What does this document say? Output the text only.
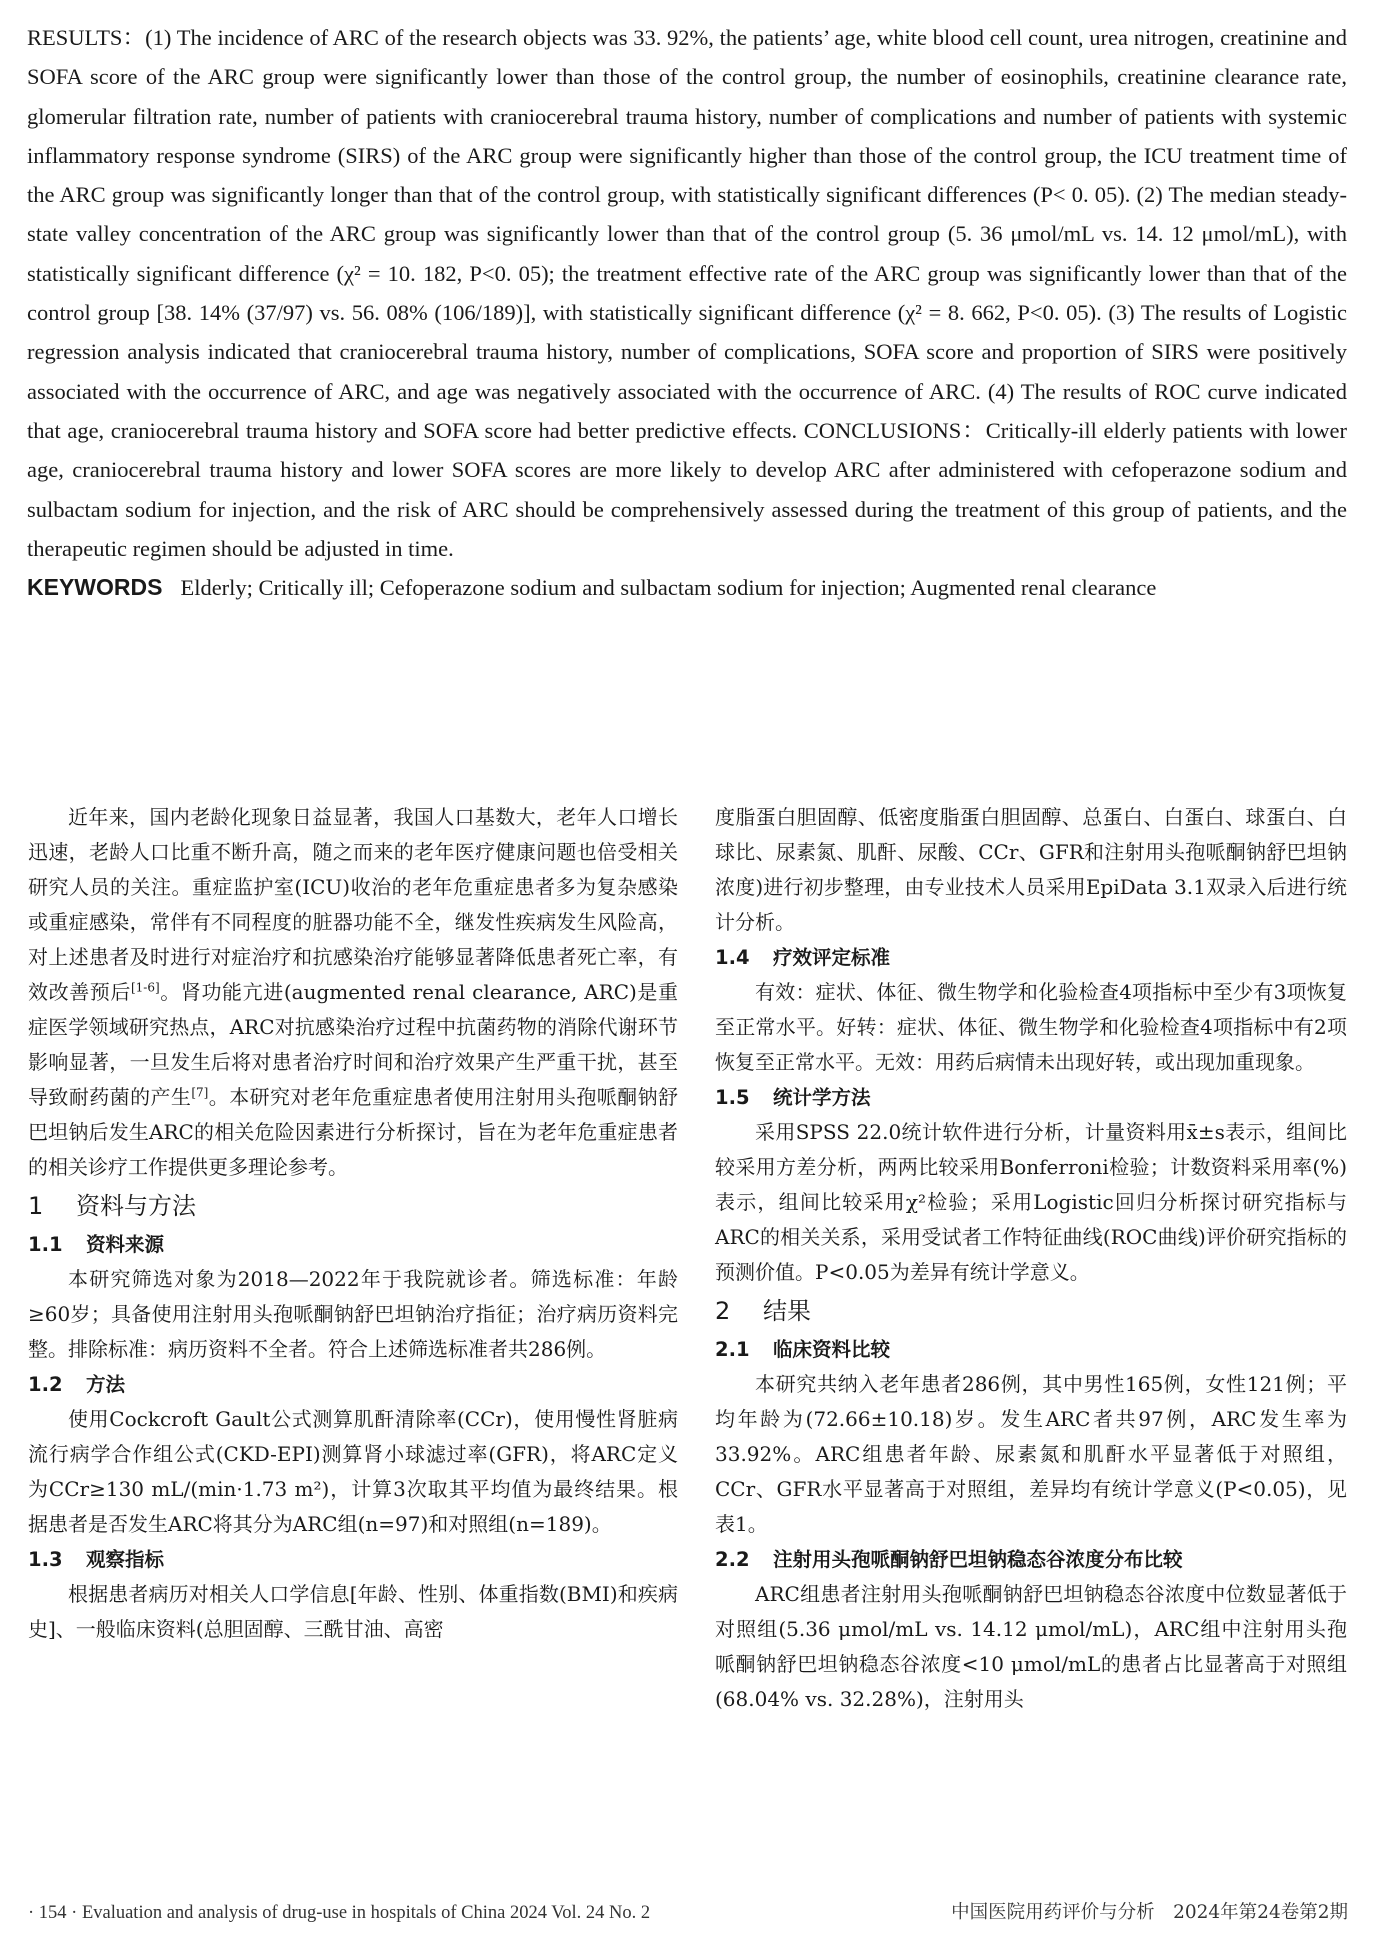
RESULTS：(1) The incidence of ARC of the research objects was 33. 92%, the patients’ age, white blood cell count, urea nitrogen, creatinine and SOFA score of the ARC group were significantly lower than those of the control group, the number of eosinophils, creatinine clearance rate, glomerular filtration rate, number of patients with craniocerebral trauma history, number of complications and number of patients with systemic inflammatory response syndrome (SIRS) of the ARC group were significantly higher than those of the control group, the ICU treatment time of the ARC group was significantly longer than that of the control group, with statistically significant differences (P< 0. 05). (2) The median steady-state valley concentration of the ARC group was significantly lower than that of the control group (5. 36 μmol/mL vs. 14. 12 μmol/mL), with statistically significant difference (χ² = 10. 182, P<0. 05); the treatment effective rate of the ARC group was significantly lower than that of the control group [38. 14% (37/97) vs. 56. 08% (106/189)], with statistically significant difference (χ² = 8. 662, P<0. 05). (3) The results of Logistic regression analysis indicated that craniocerebral trauma history, number of complications, SOFA score and proportion of SIRS were positively associated with the occurrence of ARC, and age was negatively associated with the occurrence of ARC. (4) The results of ROC curve indicated that age, craniocerebral trauma history and SOFA score had better predictive effects. CONCLUSIONS：Critically-ill elderly patients with lower age, craniocerebral trauma history and lower SOFA scores are more likely to develop ARC after administered with cefoperazone sodium and sulbactam sodium for injection, and the risk of ARC should be comprehensively assessed during the treatment of this group of patients, and the therapeutic regimen should be adjusted in time.
KEYWORDS Elderly; Critically ill; Cefoperazone sodium and sulbactam sodium for injection; Augmented renal clearance

近年来，国内老龄化现象日益显著，我国人口基数大，老年人口增长迅速，老龄人口比重不断升高，随之而来的老年医疗健康问题也倍受相关研究人员的关注。重症监护室(ICU)收治的老年危重症患者多为复杂感染或重症感染，常伴有不同程度的脏器功能不全，继发性疾病发生风险高，对上述患者及时进行对症治疗和抗感染治疗能够显著降低患者死亡率，有效改善预后[1-6]。肾功能亢进(augmented renal clearance, ARC)是重症医学领域研究热点，ARC对抗感染治疗过程中抗菌药物的消除代谢环节影响显著，一旦发生后将对患者治疗时间和治疗效果产生严重干扰，甚至导致耐药菌的产生[7]。本研究对老年危重症患者使用注射用头孢哌酮钠舒巴坦钠后发生ARC的相关危险因素进行分析探讨，旨在为老年危重症患者的相关诊疗工作提供更多理论参考。

1 资料与方法
1.1 资料来源

本研究筛选对象为2018—2022年于我院就诊者。筛选标准：年龄≥60岁；具备使用注射用头孢哌酮钠舒巴坦钠治疗指征；治疗病历资料完整。排除标准：病历资料不全者。符合上述筛选标准者共286例。

1.2 方法

使用Cockcroft Gault公式测算肌酐清除率(CCr)，使用慢性肾脏病流行病学合作组公式(CKD-EPI)测算肾小球滤过率(GFR)，将ARC定义为CCr≥130 mL/(min·1.73 m²)，计算3次取其平均值为最终结果。根据患者是否发生ARC将其分为ARC组(n=97)和对照组(n=189)。

1.3 观察指标

根据患者病历对相关人口学信息[年龄、性别、体重指数(BMI)和疾病史]、一般临床资料(总胆固醇、三酰甘油、高密

度脂蛋白胆固醇、低密度脂蛋白胆固醇、总蛋白、白蛋白、球蛋白、白球比、尿素氮、肌酐、尿酸、CCr、GFR和注射用头孢哌酮钠舒巴坦钠浓度)进行初步整理，由专业技术人员采用EpiData 3.1双录入后进行统计分析。

1.4 疗效评定标准

有效：症状、体征、微生物学和化验检查4项指标中至少有3项恢复至正常水平。好转：症状、体征、微生物学和化验检查4项指标中有2项恢复至正常水平。无效：用药后病情未出现好转，或出现加重现象。

1.5 统计学方法

采用SPSS 22.0统计软件进行分析，计量资料用x̄±s表示，组间比较采用方差分析，两两比较采用Bonferroni检验；计数资料采用率(%)表示，组间比较采用χ²检验；采用Logistic回归分析探讨研究指标与ARC的相关关系，采用受试者工作特征曲线(ROC曲线)评价研究指标的预测价值。P<0.05为差异有统计学意义。

2 结果
2.1 临床资料比较

本研究共纳入老年患者286例，其中男性165例，女性121例；平均年龄为(72.66±10.18)岁。发生ARC者共97例，ARC发生率为33.92%。ARC组患者年龄、尿素氮和肌酐水平显著低于对照组，CCr、GFR水平显著高于对照组，差异均有统计学意义(P<0.05)，见表1。

2.2 注射用头孢哌酮钠舒巴坦钠稳态谷浓度分布比较

ARC组患者注射用头孢哌酮钠舒巴坦钠稳态谷浓度中位数显著低于对照组(5.36 μmol/mL vs. 14.12 μmol/mL)，ARC组中注射用头孢哌酮钠舒巴坦钠稳态谷浓度<10 μmol/mL的患者占比显著高于对照组(68.04% vs. 32.28%)，注射用头

· 154 · Evaluation and analysis of drug-use in hospitals of China 2024 Vol. 24 No. 2	中国医院用药评价与分析　2024年第24卷第2期
